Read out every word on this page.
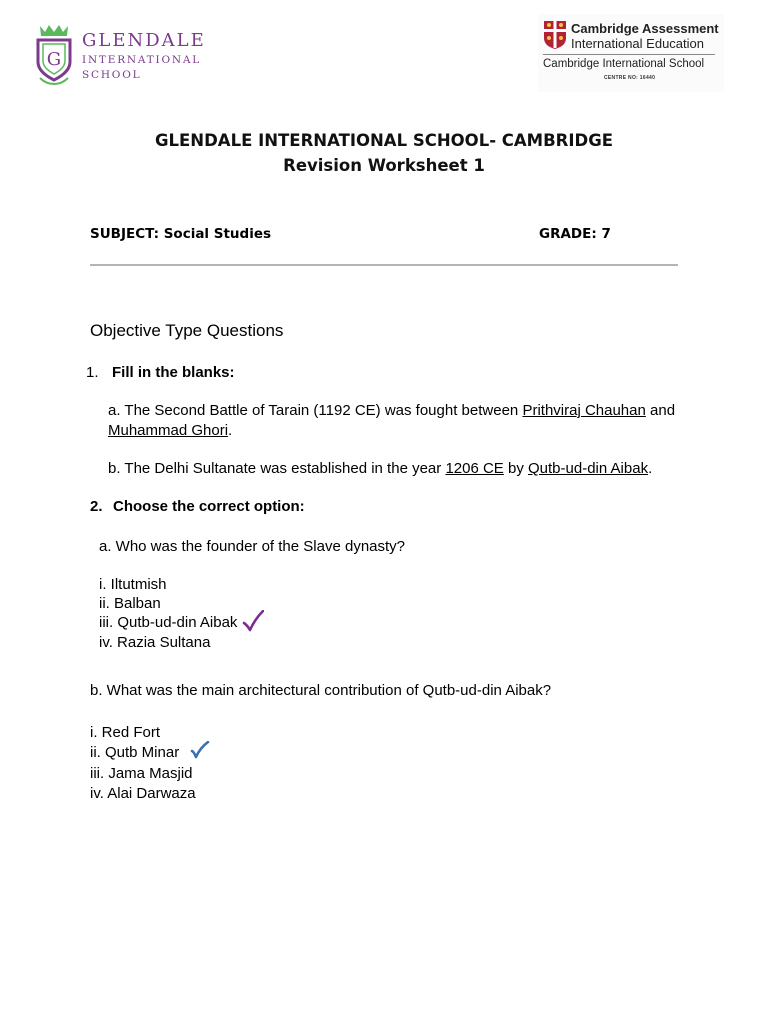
G
GLENDALE
INTERNATIONAL
SCHOOL
Cambridge Assessment
International Education
Cambridge International School
CENTRE NO: 16440
GLENDALE INTERNATIONAL SCHOOL- CAMBRIDGE
Revision Worksheet 1
SUBJECT: Social Studies	GRADE: 7
Objective Type Questions
1. Fill in the blanks:
a. The Second Battle of Tarain (1192 CE) was fought between Prithviraj Chauhan and
Muhammad Ghori.
b. The Delhi Sultanate was established in the year 1206 CE by Qutb-ud-din Aibak.
2. Choose the correct option:
a. Who was the founder of the Slave dynasty?
i. Iltutmish
ii. Balban
iii. Qutb-ud-din Aibak
iv. Razia Sultana
b. What was the main architectural contribution of Qutb-ud-din Aibak?
i. Red Fort
ii. Qutb Minar
iii. Jama Masjid
iv. Alai Darwaza
